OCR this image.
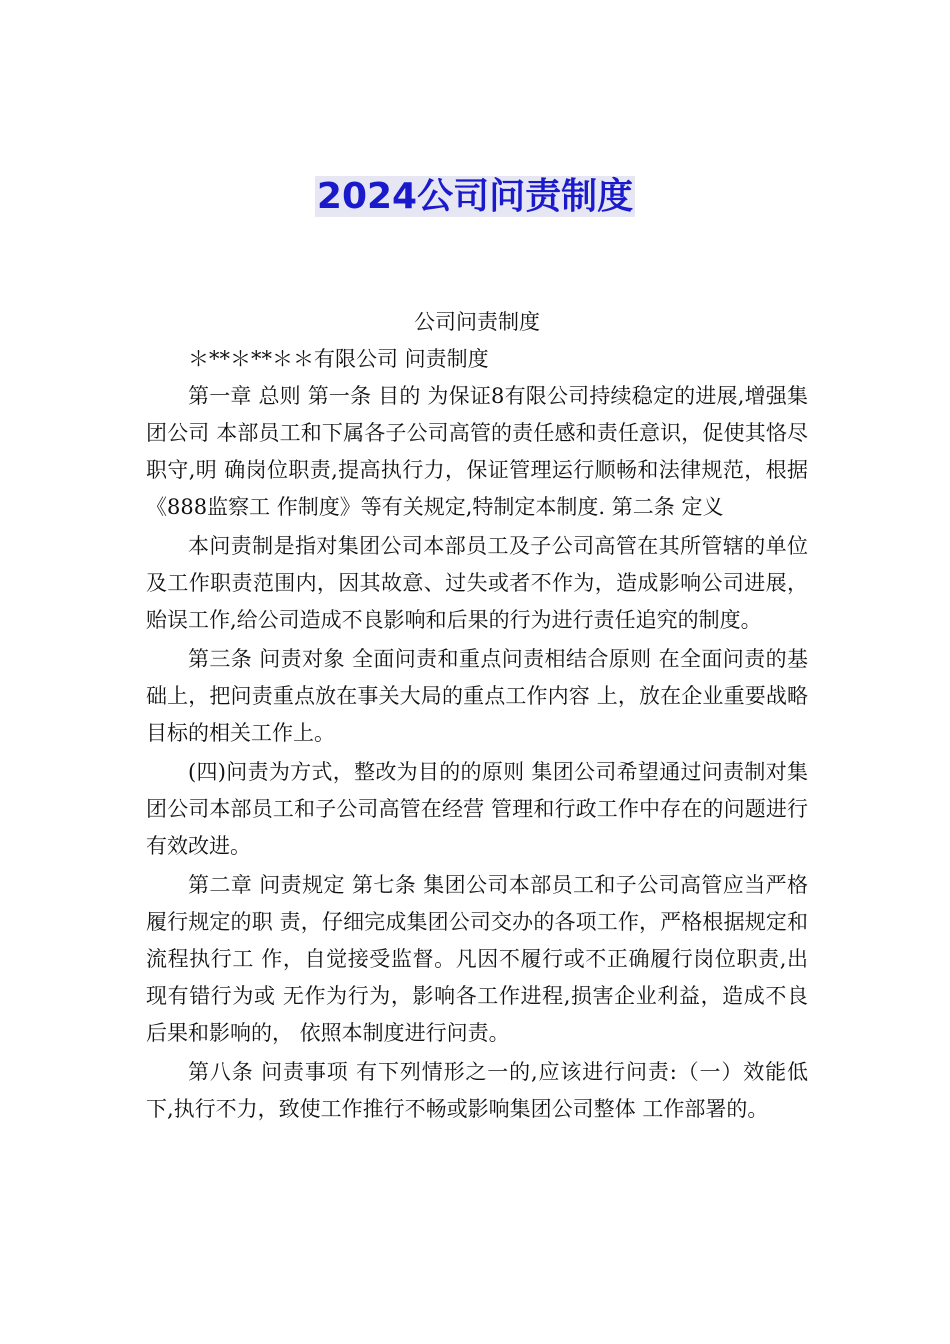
2024公司问责制度

公司问责制度

＊**＊**＊＊有限公司 问责制度

第一章 总则 第一条 目的 为保证8有限公司持续稳定的进展,增强集团公司 本部员工和下属各子公司高管的责任感和责任意识，促使其恪尽职守,明 确岗位职责,提高执行力，保证管理运行顺畅和法律规范，根据《888监察工 作制度》等有关规定,特制定本制度. 第二条 定义

本问责制是指对集团公司本部员工及子公司高管在其所管辖的单位 及工作职责范围内，因其故意、过失或者不作为，造成影响公司进展， 贻误工作,给公司造成不良影响和后果的行为进行责任追究的制度。

第三条 问责对象 全面问责和重点问责相结合原则 在全面问责的基础上，把问责重点放在事关大局的重点工作内容 上，放在企业重要战略目标的相关工作上。

(四)问责为方式，整改为目的的原则 集团公司希望通过问责制对集团公司本部员工和子公司高管在经营 管理和行政工作中存在的问题进行有效改进。

第二章 问责规定 第七条 集团公司本部员工和子公司高管应当严格履行规定的职 责，仔细完成集团公司交办的各项工作，严格根据规定和流程执行工 作，自觉接受监督。凡因不履行或不正确履行岗位职责,出现有错行为或 无作为行为，影响各工作进程,损害企业利益，造成不良后果和影响的， 依照本制度进行问责。

第八条 问责事项 有下列情形之一的,应该进行问责:（一）效能低下,执行不力，致使工作推行不畅或影响集团公司整体 工作部署的。
